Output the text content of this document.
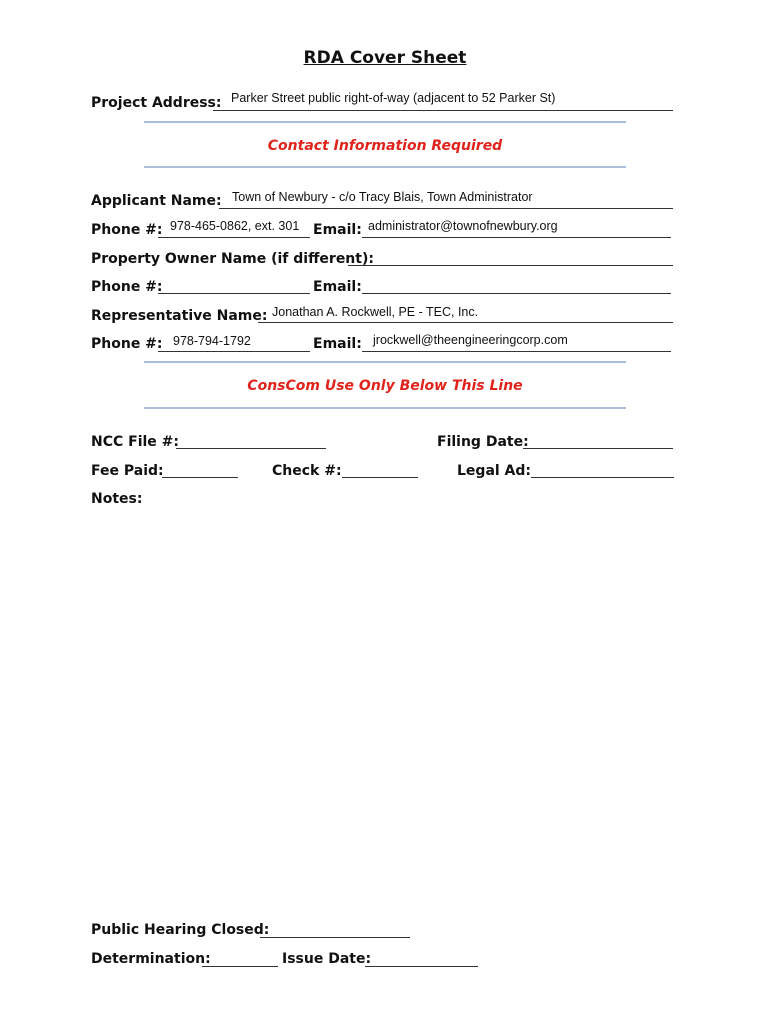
RDA Cover Sheet
Project Address: Parker Street public right-of-way (adjacent to 52 Parker St)
Contact Information Required
Applicant Name: Town of Newbury - c/o Tracy Blais, Town Administrator
Phone #: 978-465-0862, ext. 301 Email: administrator@townofnewbury.org
Property Owner Name (if different):
Phone #:	Email:
Representative Name: Jonathan A. Rockwell, PE - TEC, Inc.
Phone #: 978-794-1792	Email: jrockwell@theengineeringcorp.com
ConsCom Use Only Below This Line
NCC File #:	Filing Date:
Fee Paid:	Check #:	Legal Ad:
Notes:
Public Hearing Closed:
Determination:	Issue Date:
